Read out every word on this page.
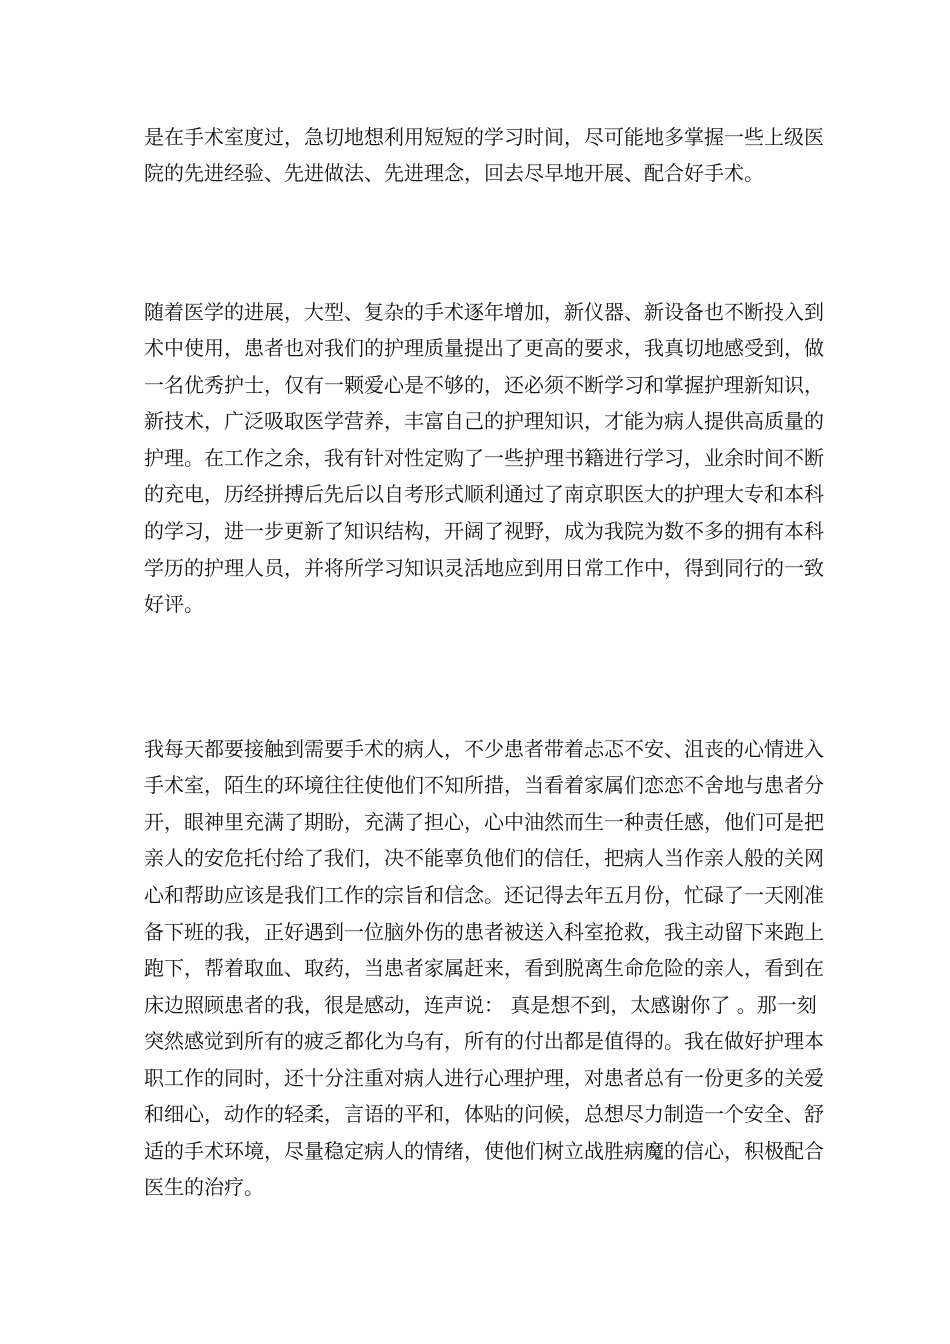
是在手术室度过，急切地想利用短短的学习时间，尽可能地多掌握一些上级医

院的先进经验、先进做法、先进理念，回去尽早地开展、配合好手术。

随着医学的进展，大型、复杂的手术逐年增加，新仪器、新设备也不断投入到

术中使用，患者也对我们的护理质量提出了更高的要求，我真切地感受到，做

一名优秀护士，仅有一颗爱心是不够的，还必须不断学习和掌握护理新知识，

新技术，广泛吸取医学营养，丰富自己的护理知识，才能为病人提供高质量的

护理。在工作之余，我有针对性定购了一些护理书籍进行学习，业余时间不断

的充电，历经拼搏后先后以自考形式顺利通过了南京职医大的护理大专和本科

的学习，进一步更新了知识结构，开阔了视野，成为我院为数不多的拥有本科

学历的护理人员，并将所学习知识灵活地应到用日常工作中，得到同行的一致

好评。

我每天都要接触到需要手术的病人，不少患者带着忐忑不安、沮丧的心情进入

手术室，陌生的环境往往使他们不知所措，当看着家属们恋恋不舍地与患者分

开，眼神里充满了期盼，充满了担心，心中油然而生一种责任感，他们可是把

亲人的安危托付给了我们，决不能辜负他们的信任，把病人当作亲人般的关网

心和帮助应该是我们工作的宗旨和信念。还记得去年五月份，忙碌了一天刚准

备下班的我，正好遇到一位脑外伤的患者被送入科室抢救，我主动留下来跑上

跑下，帮着取血、取药，当患者家属赶来，看到脱离生命危险的亲人，看到在

床边照顾患者的我，很是感动，连声说： 真是想不到，太感谢你了 。那一刻

突然感觉到所有的疲乏都化为乌有，所有的付出都是值得的。我在做好护理本

职工作的同时，还十分注重对病人进行心理护理，对患者总有一份更多的关爱

和细心，动作的轻柔，言语的平和，体贴的问候，总想尽力制造一个安全、舒

适的手术环境，尽量稳定病人的情绪，使他们树立战胜病魔的信心，积极配合

医生的治疗。
